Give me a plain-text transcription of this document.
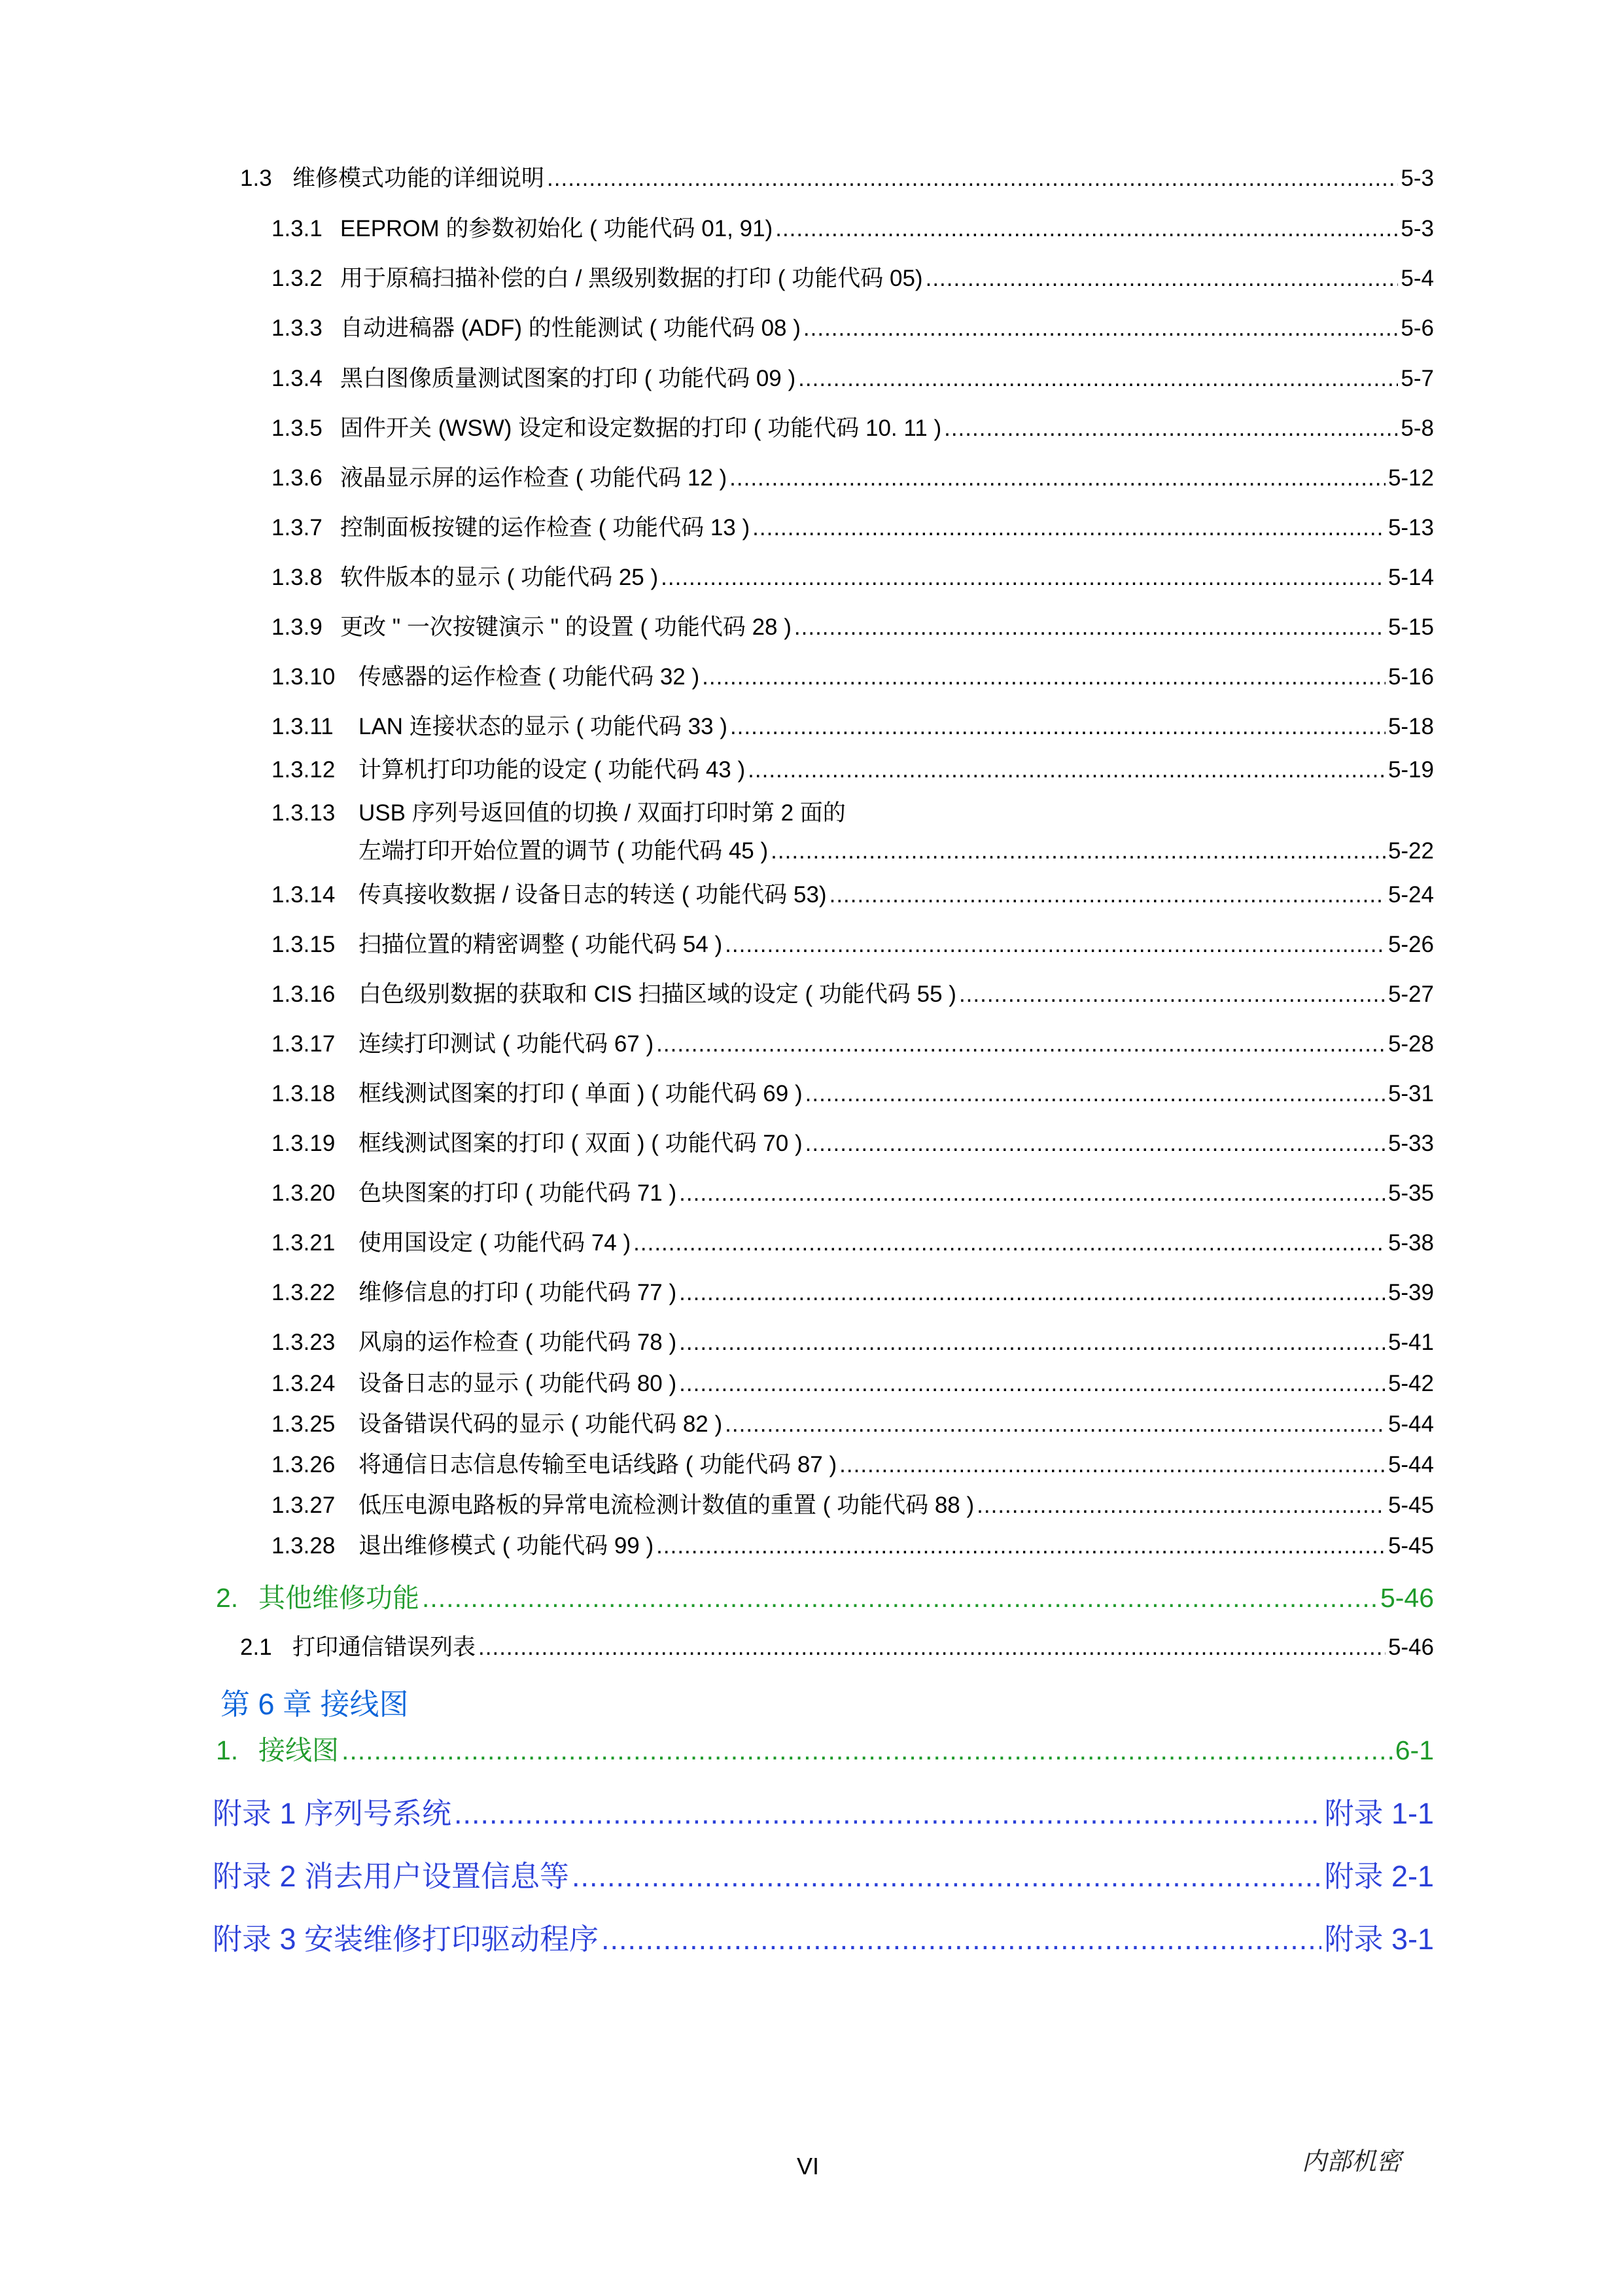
1.3 维修模式功能的详细说明 .....	5-3
1.3.1 EEPROM 的参数初始化 ( 功能代码 01, 91) .....	5-3
1.3.2 用于原稿扫描补偿的白 / 黑级别数据的打印 ( 功能代码 05) .....	5-4
1.3.3 自动进稿器 (ADF) 的性能测试 ( 功能代码 08 ) .....	5-6
1.3.4 黑白图像质量测试图案的打印 ( 功能代码 09 ) .....	5-7
1.3.5 固件开关 (WSW) 设定和设定数据的打印 ( 功能代码 10. 11 ) .....	5-8
1.3.6 液晶显示屏的运作检查 ( 功能代码 12 ) .....	5-12
1.3.7 控制面板按键的运作检查 ( 功能代码 13 ) .....	5-13
1.3.8 软件版本的显示 ( 功能代码 25 ) .....	5-14
1.3.9 更改 " 一次按键演示 " 的设置 ( 功能代码 28 ) .....	5-15
1.3.10	传感器的运作检查 ( 功能代码 32 ) .....	5-16
1.3.11	LAN 连接状态的显示 ( 功能代码 33 ) .....	5-18
1.3.12	计算机打印功能的设定 ( 功能代码 43 ) .....	5-19
1.3.13	USB 序列号返回值的切换 / 双面打印时第 2 面的
左端打印开始位置的调节 ( 功能代码 45 ) .....	5-22
1.3.14	传真接收数据 / 设备日志的转送 ( 功能代码 53) .....	5-24
1.3.15	扫描位置的精密调整 ( 功能代码 54 ) .....	5-26
1.3.16	白色级别数据的获取和 CIS 扫描区域的设定 ( 功能代码 55 ) .....	5-27
1.3.17	连续打印测试 ( 功能代码 67 ) .....	5-28
1.3.18	框线测试图案的打印 ( 单面 ) ( 功能代码 69 ) .....	5-31
1.3.19	框线测试图案的打印 ( 双面 ) ( 功能代码 70 ) .....	5-33
1.3.20	色块图案的打印 ( 功能代码 71 ) .....	5-35
1.3.21	使用国设定 ( 功能代码 74 ) .....	5-38
1.3.22	维修信息的打印 ( 功能代码 77 ) .....	5-39
1.3.23	风扇的运作检查 ( 功能代码 78 ) .....	5-41
1.3.24	设备日志的显示 ( 功能代码 80 ) .....	5-42
1.3.25	设备错误代码的显示 ( 功能代码 82 ) .....	5-44
1.3.26	将通信日志信息传输至电话线路 ( 功能代码 87 ) .....	5-44
1.3.27	低压电源电路板的异常电流检测计数值的重置 ( 功能代码 88 ) .....	5-45
1.3.28	退出维修模式 ( 功能代码 99 ) .....	5-45
2. 其他维修功能 .....	5-46
2.1 打印通信错误列表 .....	5-46
第 6 章 接线图
1. 接线图 .....	6-1
附录 1 序列号系统 .....	附录 1-1
附录 2 消去用户设置信息等 .....	附录 2-1
附录 3 安装维修打印驱动程序 .....	附录 3-1
VI	内部机密
